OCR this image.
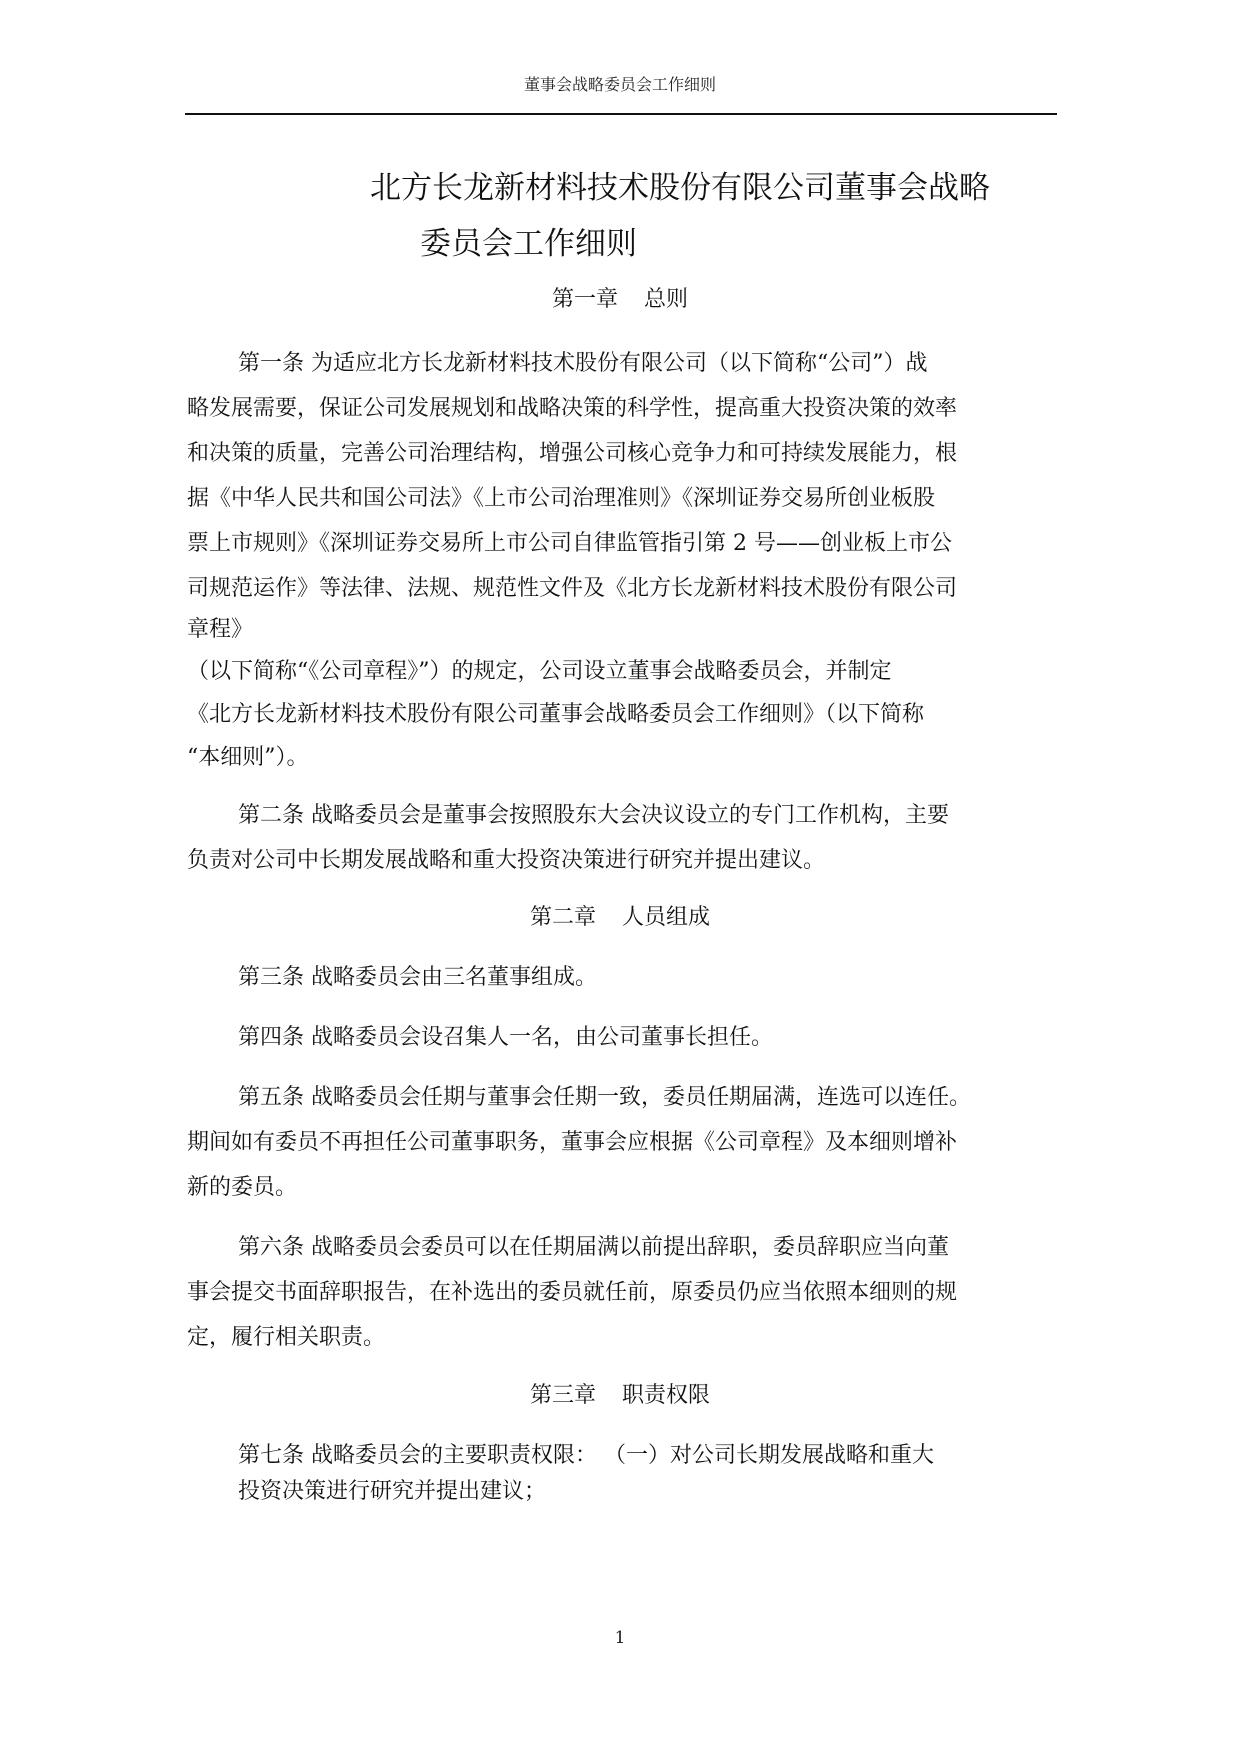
董事会战略委员会工作细则
北方长龙新材料技术股份有限公司董事会战略
委员会工作细则
第一章 总则
第一条 为适应北方长龙新材料技术股份有限公司（以下简称“公司”）战
略发展需要，保证公司发展规划和战略决策的科学性，提高重大投资决策的效率
和决策的质量，完善公司治理结构，增强公司核心竞争力和可持续发展能力，根
据《中华人民共和国公司法》《上市公司治理准则》《深圳证券交易所创业板股
票上市规则》《深圳证券交易所上市公司自律监管指引第 2 号——创业板上市公
司规范运作》等法律、法规、规范性文件及《北方长龙新材料技术股份有限公司
章程》
（以下简称“《公司章程》”）的规定，公司设立董事会战略委员会，并制定
《北方长龙新材料技术股份有限公司董事会战略委员会工作细则》（以下简称
“本细则”）。
第二条 战略委员会是董事会按照股东大会决议设立的专门工作机构，主要
负责对公司中长期发展战略和重大投资决策进行研究并提出建议。
第二章 人员组成
第三条 战略委员会由三名董事组成。
第四条 战略委员会设召集人一名，由公司董事长担任。
第五条 战略委员会任期与董事会任期一致，委员任期届满，连选可以连任。
期间如有委员不再担任公司董事职务，董事会应根据《公司章程》及本细则增补
新的委员。
第六条 战略委员会委员可以在任期届满以前提出辞职，委员辞职应当向董
事会提交书面辞职报告，在补选出的委员就任前，原委员仍应当依照本细则的规
定，履行相关职责。
第三章 职责权限
第七条 战略委员会的主要职责权限： （一）对公司长期发展战略和重大
投资决策进行研究并提出建议；
1
